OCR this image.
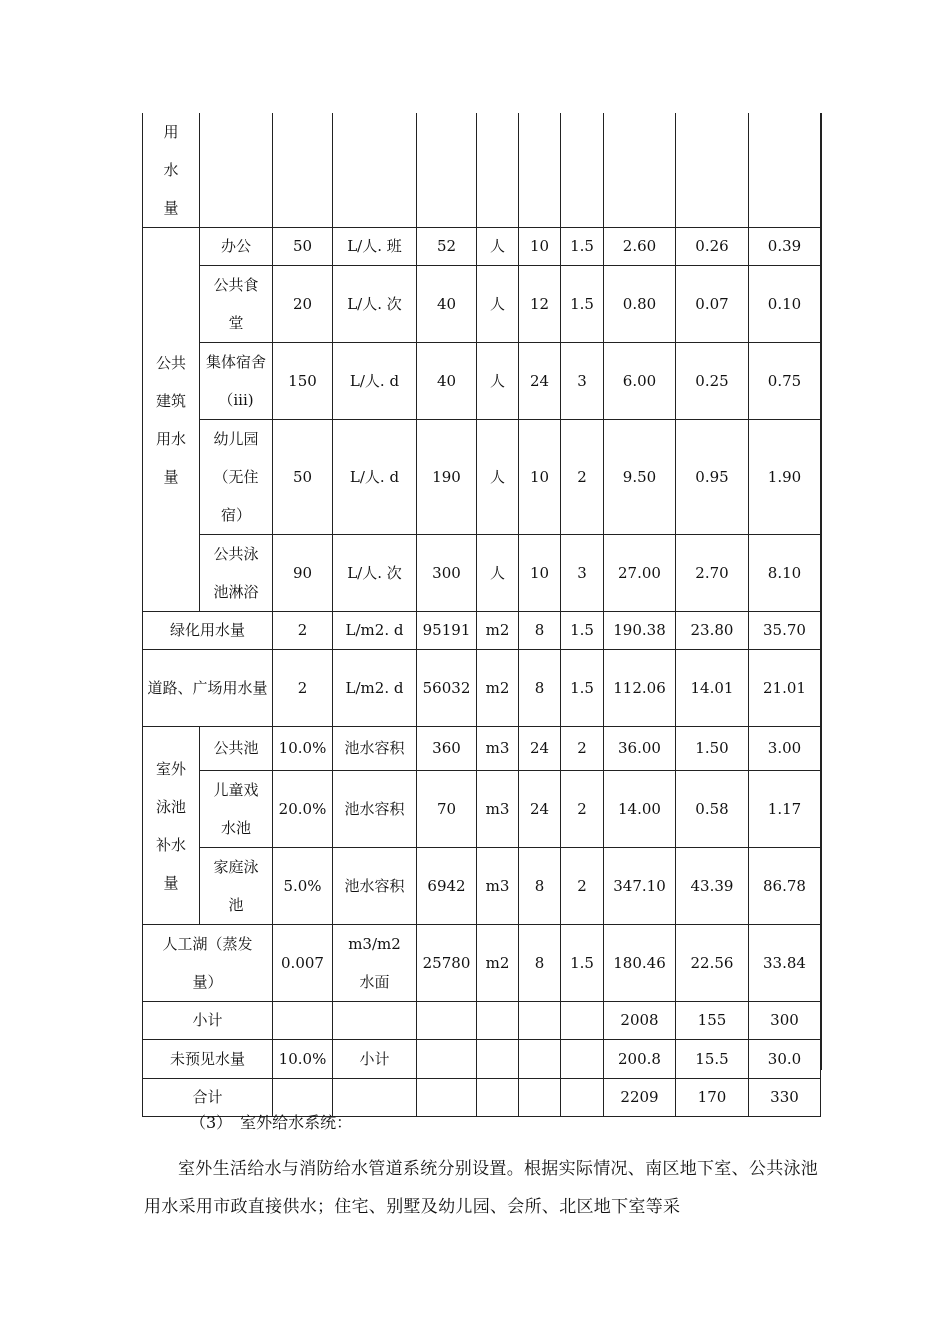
用水量										
公共建筑用水量	办公	50	L/人. 班	52	人	10	1.5	2.60	0.26	0.39
	公共食堂	20	L/人. 次	40	人	12	1.5	0.80	0.07	0.10
	集体宿舍（iii)	150	L/人. d	40	人	24	3	6.00	0.25	0.75
	幼儿园（无住宿）	50	L/人. d	190	人	10	2	9.50	0.95	1.90
	公共泳池淋浴	90	L/人. 次	300	人	10	3	27.00	2.70	8.10
绿化用水量		2	L/m2. d	95191	m2	8	1.5	190.38	23.80	35.70
道路、广场用水量		2	L/m2. d	56032	m2	8	1.5	112.06	14.01	21.01
室外泳池补水量	公共池	10.0%	池水容积	360	m3	24	2	36.00	1.50	3.00
	儿童戏水池	20.0%	池水容积	70	m3	24	2	14.00	0.58	1.17
	家庭泳池	5.0%	池水容积	6942	m3	8	2	347.10	43.39	86.78
人工湖（蒸发量）		0.007	m3/m2 水面	25780	m2	8	1.5	180.46	22.56	33.84
小计								2008	155	300
未预见水量		10.0%	小计					200.8	15.5	30.0
合计								2209	170	330
（3）　室外给水系统：
室外生活给水与消防给水管道系统分别设置。根据实际情况、南区地下室、公共泳池用水采用市政直接供水；住宅、别墅及幼儿园、会所、北区地下室等采
